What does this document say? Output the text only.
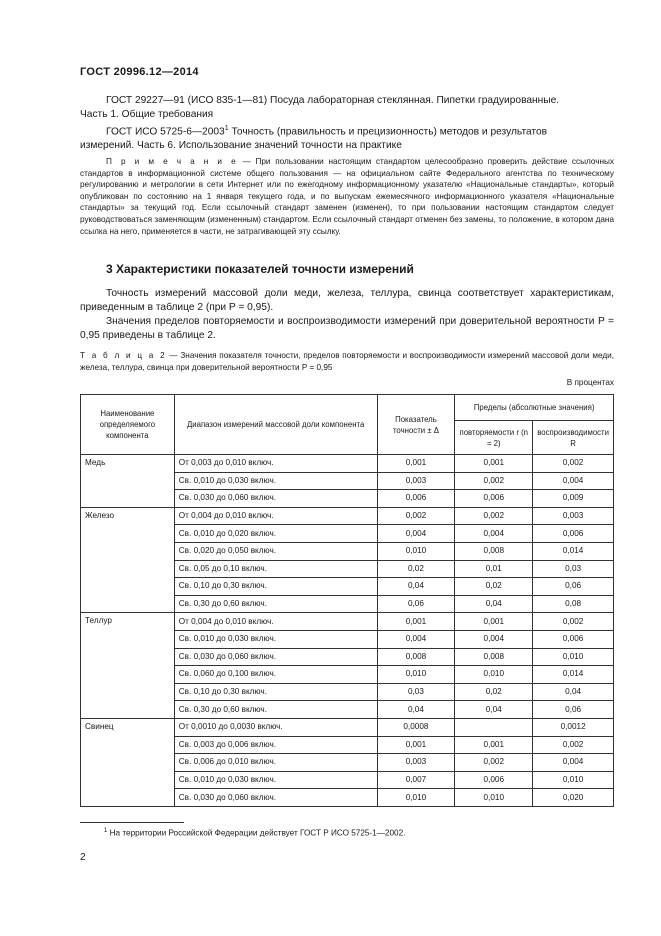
ГОСТ 20996.12—2014
ГОСТ 29227—91 (ИСО 835-1—81) Посуда лабораторная стеклянная. Пипетки градуированные.
Часть 1. Общие требования
ГОСТ ИСО 5725-6—2003$^1$ Точность (правильность и прецизионность) методов и результатов
измерений. Часть 6. Использование значений точности на практике
П р и м е ч а н и е — При пользовании настоящим стандартом целесообразно проверить действие ссылочных стандартов в информационной системе общего пользования — на официальном сайте Федерального агентства по техническому регулированию и метрологии в сети Интернет или по ежегодному информационному указателю «Национальные стандарты», который опубликован по состоянию на 1 января текущего года, и по выпускам ежемесячного информационного указателя «Национальные стандарты» за текущий год. Если ссылочный стандарт заменен (изменен), то при пользовании настоящим стандартом следует руководствоваться заменяющим (измененным) стандартом. Если ссылочный стандарт отменен без замены, то положение, в котором дана ссылка на него, применяется в части, не затрагивающей эту ссылку.
3 Характеристики показателей точности измерений
Точность измерений массовой доли меди, железа, теллура, свинца соответствует характеристикам, приведенным в таблице 2 (при P = 0,95).
Значения пределов повторяемости и воспроизводимости измерений при доверительной вероятности P = 0,95 приведены в таблице 2.
Т а б л и ц а 2 — Значения показателя точности, пределов повторяемости и воспроизводимости измерений массовой доли меди, железа, теллура, свинца при доверительной вероятности P = 0,95
В процентах
Наименование определяемого компонента	Диапазон измерений массовой доли компонента	Показатель точности ± Δ	Пределы (абсолютные значения)	
			повторяемости r (n = 2)	воспроизводимости R
Медь	От 0,003 до 0,010 включ.	0,001	0,001	0,002
	Св. 0,010 до 0,030 включ.	0,003	0,002	0,004
	Св. 0,030 до 0,060 включ.	0,006	0,006	0,009
Железо	От 0,004 до 0,010 включ.	0,002	0,002	0,003
	Св. 0,010 до 0,020 включ.	0,004	0,004	0,006
	Св. 0,020 до 0,050 включ.	0,010	0,008	0,014
	Св. 0,05 до 0,10 включ.	0,02	0,01	0,03
	Св. 0,10 до 0,30 включ.	0,04	0,02	0,06
	Св. 0,30 до 0,60 включ.	0,06	0,04	0,08
Теллур	От 0,004 до 0,010 включ.	0,001	0,001	0,002
	Св. 0,010 до 0,030 включ.	0,004	0,004	0,006
	Св. 0,030 до 0,060 включ.	0,008	0,008	0,010
	Св. 0,060 до 0,100 включ.	0,010	0,010	0,014
	Св. 0,10 до 0,30 включ.	0,03	0,02	0,04
	Св. 0,30 до 0,60 включ.	0,04	0,04	0,06
Свинец	От 0,0010 до 0,0030 включ.	0,0008		0,0012
	Св. 0,003 до 0,006 включ.	0,001	0,001	0,002
	Св. 0,006 до 0,010 включ.	0,003	0,002	0,004
	Св. 0,010 до 0,030 включ.	0,007	0,006	0,010
	Св. 0,030 до 0,060 включ.	0,010	0,010	0,020
$^1$ На территории Российской Федерации действует ГОСТ Р ИСО 5725-1—2002.
2
